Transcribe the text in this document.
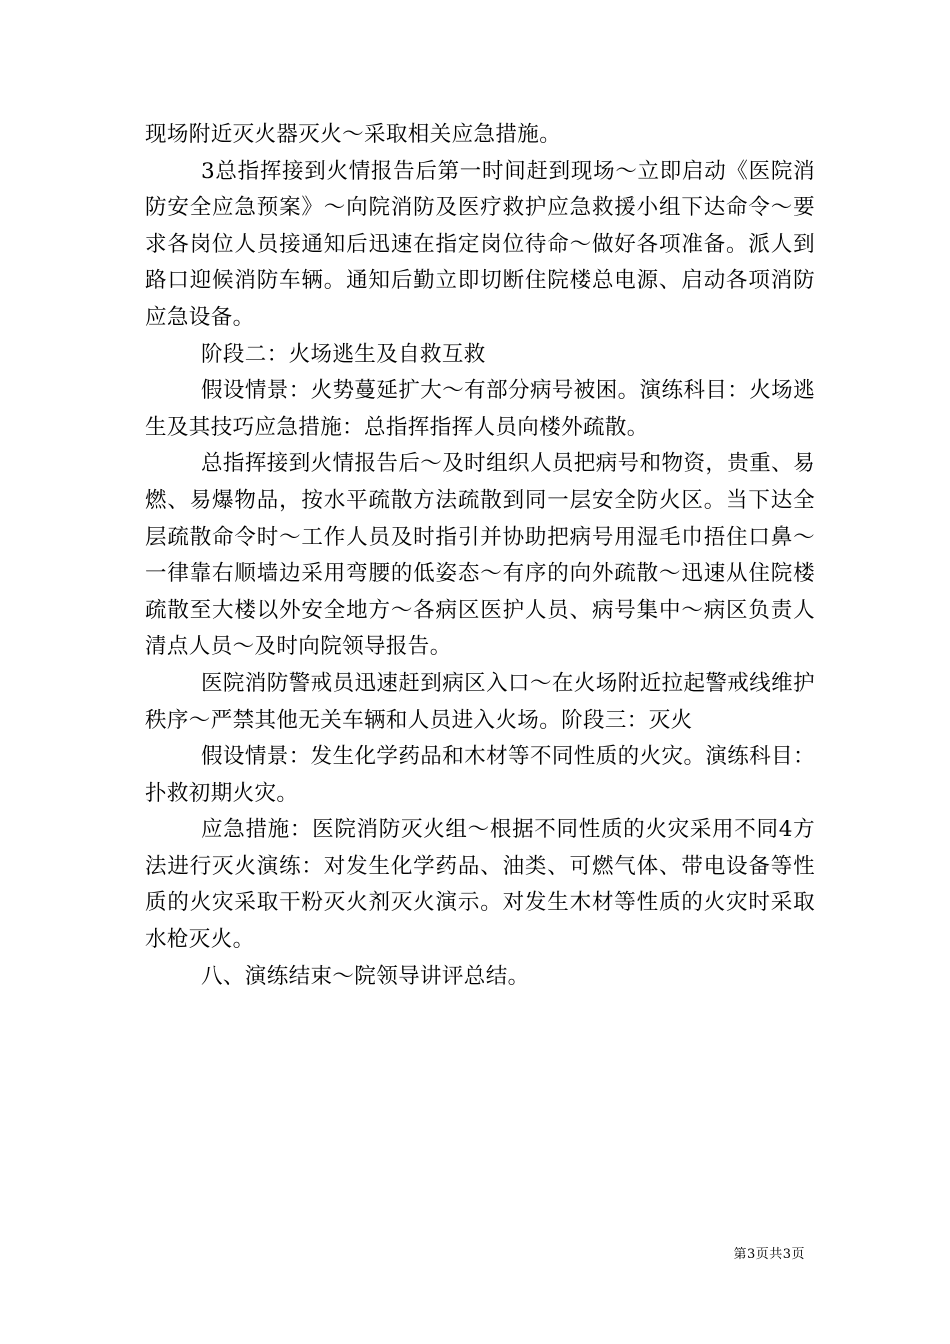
现场附近灭火器灭火～采取相关应急措施。

3总指挥接到火情报告后第一时间赶到现场～立即启动《医院消防安全应急预案》～向院消防及医疗救护应急救援小组下达命令～要求各岗位人员接通知后迅速在指定岗位待命～做好各项准备。派人到路口迎候消防车辆。通知后勤立即切断住院楼总电源、启动各项消防应急设备。

阶段二：火场逃生及自救互救

假设情景：火势蔓延扩大～有部分病号被困。演练科目：火场逃生及其技巧应急措施：总指挥指挥人员向楼外疏散。

总指挥接到火情报告后～及时组织人员把病号和物资，贵重、易燃、易爆物品，按水平疏散方法疏散到同一层安全防火区。当下达全层疏散命令时～工作人员及时指引并协助把病号用湿毛巾捂住口鼻～一律靠右顺墙边采用弯腰的低姿态～有序的向外疏散～迅速从住院楼疏散至大楼以外安全地方～各病区医护人员、病号集中～病区负责人清点人员～及时向院领导报告。

医院消防警戒员迅速赶到病区入口～在火场附近拉起警戒线维护秩序～严禁其他无关车辆和人员进入火场。阶段三：灭火

假设情景：发生化学药品和木材等不同性质的火灾。演练科目：扑救初期火灾。

应急措施：医院消防灭火组～根据不同性质的火灾采用不同4方法进行灭火演练：对发生化学药品、油类、可燃气体、带电设备等性质的火灾采取干粉灭火剂灭火演示。对发生木材等性质的火灾时采取水枪灭火。

八、演练结束～院领导讲评总结。

第3页共3页
